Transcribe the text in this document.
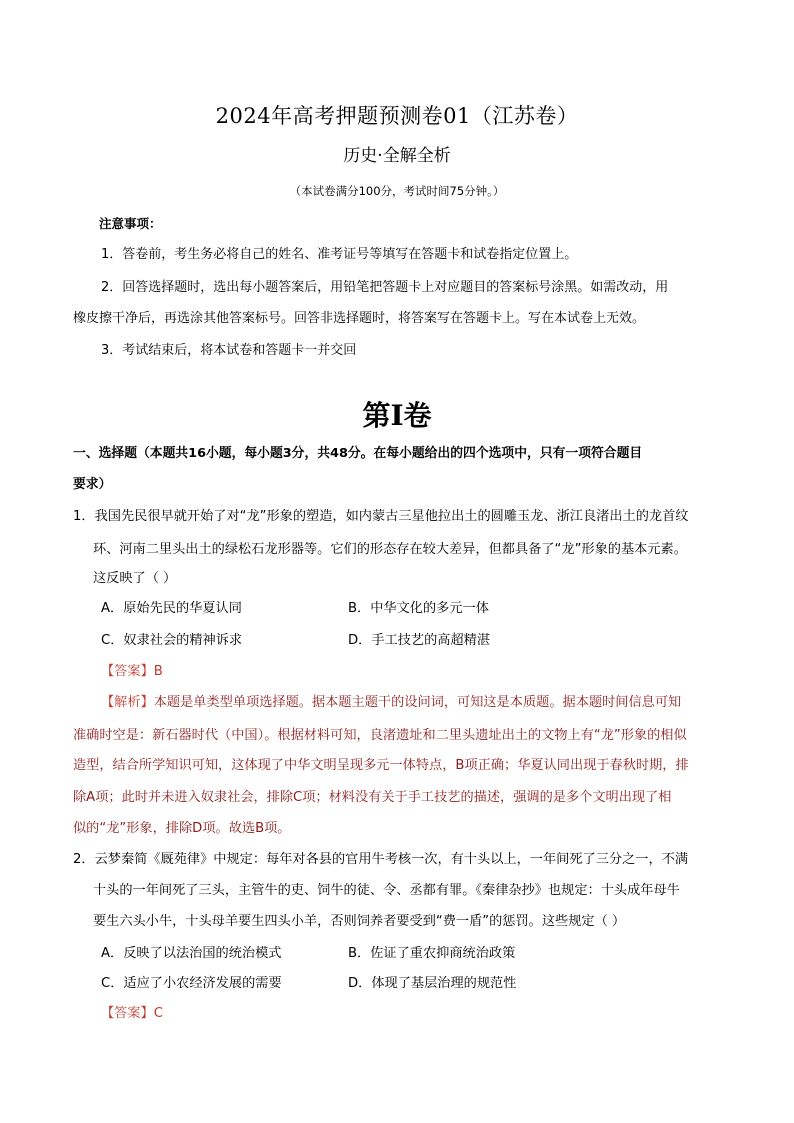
2024年高考押题预测卷01（江苏卷）
历史·全解全析
（本试卷满分100分，考试时间75分钟。）
注意事项：
1．答卷前，考生务必将自己的姓名、准考证号等填写在答题卡和试卷指定位置上。
2．回答选择题时，选出每小题答案后，用铅笔把答题卡上对应题目的答案标号涂黑。如需改动，用
橡皮擦干净后，再选涂其他答案标号。回答非选择题时，将答案写在答题卡上。写在本试卷上无效。
3．考试结束后，将本试卷和答题卡一并交回
第I卷
一、选择题（本题共16小题，每小题3分，共48分。在每小题给出的四个选项中，只有一项符合题目
要求）
1．我国先民很早就开始了对“龙”形象的塑造，如内蒙古三星他拉出土的圆雕玉龙、浙江良渚出土的龙首纹
环、河南二里头出土的绿松石龙形器等。它们的形态存在较大差异，但都具备了“龙”形象的基本元素。
这反映了（ ）
A．原始先民的华夏认同	B．中华文化的多元一体
C．奴隶社会的精神诉求	D．手工技艺的高超精湛
【答案】B
【解析】本题是单类型单项选择题。据本题主题干的设问词，可知这是本质题。据本题时间信息可知
准确时空是：新石器时代（中国）。根据材料可知，良渚遗址和二里头遗址出土的文物上有“龙”形象的相似
造型，结合所学知识可知，这体现了中华文明呈现多元一体特点，B项正确；华夏认同出现于春秋时期，排
除A项；此时并未进入奴隶社会，排除C项；材料没有关于手工技艺的描述，强调的是多个文明出现了相
似的“龙”形象，排除D项。故选B项。
2．云梦秦简《厩苑律》中规定：每年对各县的官用牛考核一次，有十头以上，一年间死了三分之一，不满
十头的一年间死了三头，主管牛的吏、饲牛的徒、令、丞都有罪。《秦律杂抄》也规定：十头成年母牛
要生六头小牛，十头母羊要生四头小羊，否则饲养者要受到“费一盾”的惩罚。这些规定（ ）
A．反映了以法治国的统治模式	B．佐证了重农抑商统治政策
C．适应了小农经济发展的需要	D．体现了基层治理的规范性
【答案】C
